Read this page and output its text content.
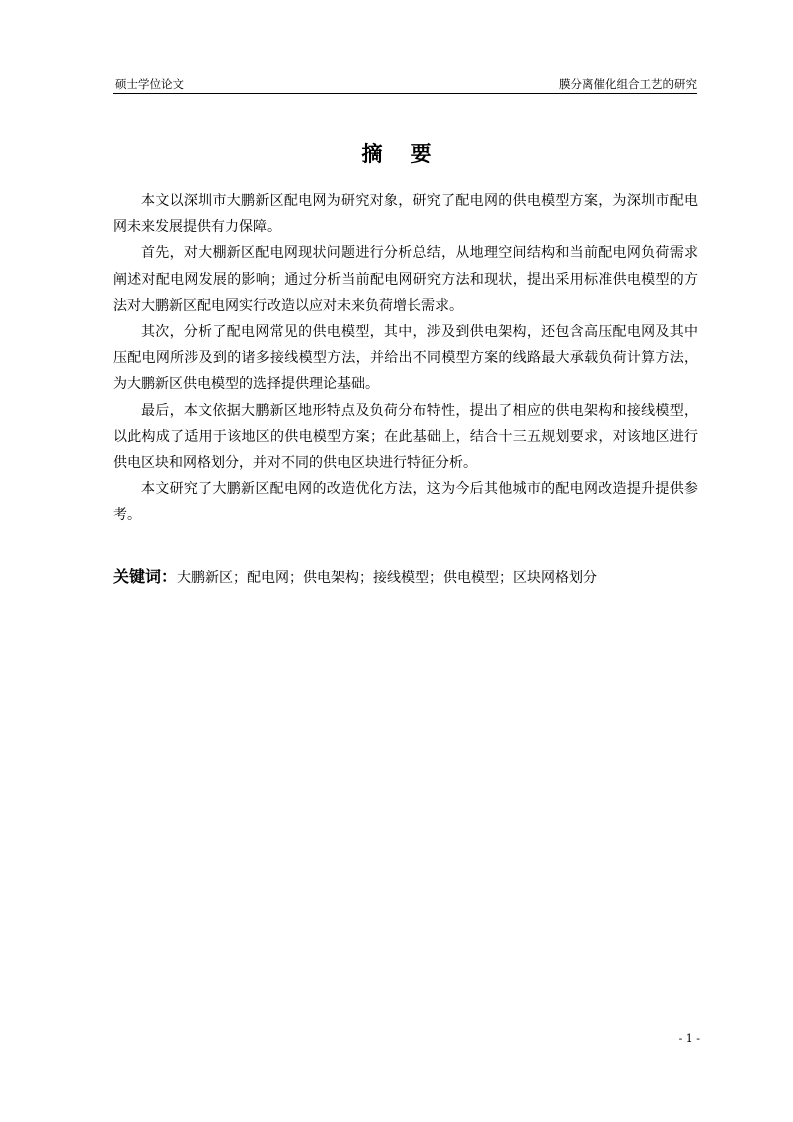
硕士学位论文	膜分离催化组合工艺的研究
摘要

本文以深圳市大鹏新区配电网为研究对象，研究了配电网的供电模型方案，为深圳市配电网未来发展提供有力保障。

首先，对大棚新区配电网现状问题进行分析总结，从地理空间结构和当前配电网负荷需求阐述对配电网发展的影响；通过分析当前配电网研究方法和现状，提出采用标准供电模型的方法对大鹏新区配电网实行改造以应对未来负荷增长需求。

其次，分析了配电网常见的供电模型，其中，涉及到供电架构，还包含高压配电网及其中压配电网所涉及到的诸多接线模型方法，并给出不同模型方案的线路最大承载负荷计算方法，为大鹏新区供电模型的选择提供理论基础。

最后，本文依据大鹏新区地形特点及负荷分布特性，提出了相应的供电架构和接线模型，以此构成了适用于该地区的供电模型方案；在此基础上，结合十三五规划要求，对该地区进行供电区块和网格划分，并对不同的供电区块进行特征分析。

本文研究了大鹏新区配电网的改造优化方法，这为今后其他城市的配电网改造提升提供参考。

关键词：大鹏新区；配电网；供电架构；接线模型；供电模型；区块网格划分
- 1 -
